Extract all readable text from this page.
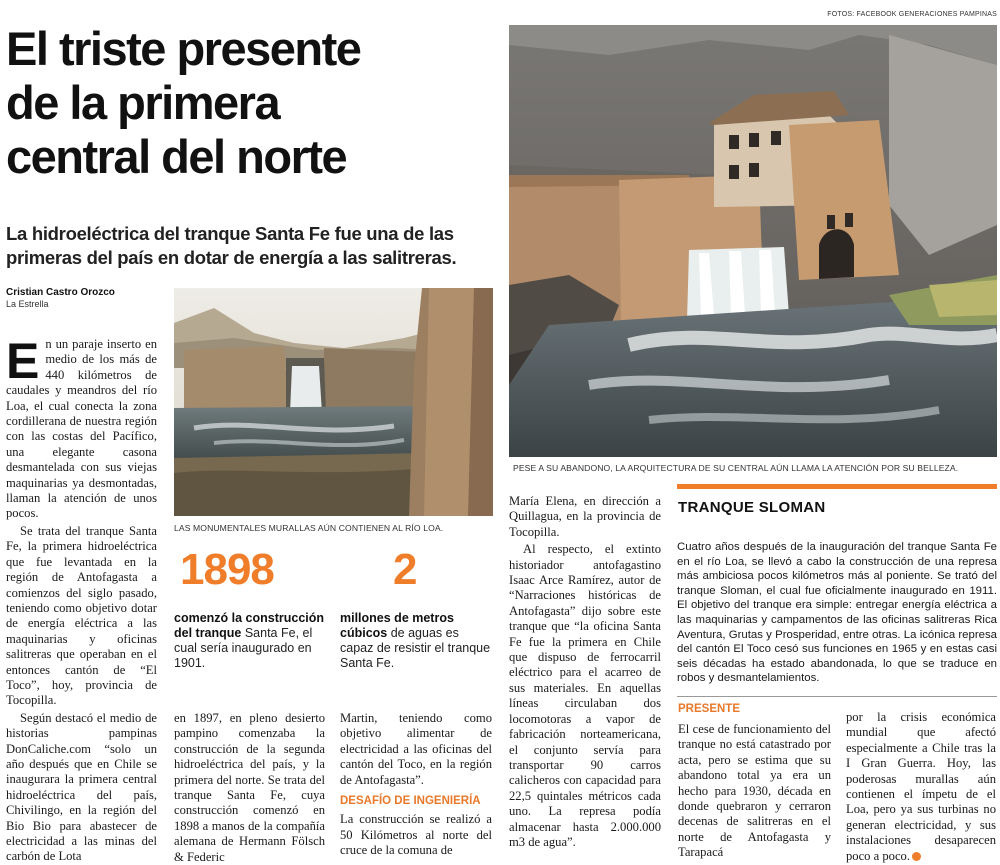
FOTOS: FACEBOOK GENERACIONES PAMPINAS
El triste presente
de la primera
central del norte
La hidroeléctrica del tranque Santa Fe fue una de las primeras del país en dotar de energía a las salitreras.
Cristian Castro Orozco
La Estrella

En un paraje inserto en medio de los más de 440 kilómetros de caudales y meandros del río Loa, el cual conecta la zona cordillerana de nuestra región con las costas del Pacífico, una elegante casona desmantelada con sus viejas maquinarias ya desmontadas, llaman la atención de unos pocos.

Se trata del tranque Santa Fe, la primera hidroeléctrica que fue levantada en la región de Antofagasta a comienzos del siglo pasado, teniendo como objetivo dotar de energía eléctrica a las maquinarias y oficinas salitreras que operaban en el entonces cantón de “El Toco”, hoy, provincia de Tocopilla.

Según destacó el medio de historias pampinas DonCaliche.com “solo un año después que en Chile se inaugurara la primera central hidroeléctrica del país, Chivilingo, en la región del Bio Bio para abastecer de electricidad a las minas del carbón de Lota

LAS MONUMENTALES MURALLAS AÚN CONTIENEN AL RÍO LOA.
1898	2
comenzó la construcción del tranque Santa Fe, el cual sería inaugurado en 1901.
millones de metros cúbicos de aguas es capaz de resistir el tranque Santa Fe.

en 1897, en pleno desierto pampino comenzaba la construcción de la segunda hidroeléctrica del país, y la primera del norte. Se trata del tranque Santa Fe, cuya construcción comenzó en 1898 a manos de la compañía alemana de Hermann Fölsch & Federic

Martin, teniendo como objetivo alimentar de electricidad a las oficinas del cantón del Toco, en la región de Antofagasta”.

DESAFÍO DE INGENIERÍA

La construcción se realizó a 50 Kilómetros al norte del cruce de la comuna de

PESE A SU ABANDONO, LA ARQUITECTURA DE SU CENTRAL AÚN LLAMA LA ATENCIÓN POR SU BELLEZA.

María Elena, en dirección a Quillagua, en la provincia de Tocopilla.

Al respecto, el extinto historiador antofagastino Isaac Arce Ramírez, autor de “Narraciones históricas de Antofagasta” dijo sobre este tranque que “la oficina Santa Fe fue la primera en Chile que dispuso de ferrocarril eléctrico para el acarreo de sus materiales. En aquellas líneas circulaban dos locomotoras a vapor de fabricación norteamericana, el conjunto servía para transportar 90 carros calicheros con capacidad para 22,5 quintales métricos cada uno. La represa podía almacenar hasta 2.000.000 m3 de agua”.

TRANQUE SLOMAN
Cuatro años después de la inauguración del tranque Santa Fe en el río Loa, se llevó a cabo la construcción de una represa más ambiciosa pocos kilómetros más al poniente. Se trató del tranque Sloman, el cual fue oficialmente inaugurado en 1911. El objetivo del tranque era simple: entregar energía eléctrica a las maquinarias y campamentos de las oficinas salitreras Rica Aventura, Grutas y Prosperidad, entre otras. La icónica represa del cantón El Toco cesó sus funciones en 1965 y en estas casi seis décadas ha estado abandonada, lo que se traduce en robos y desmantelamientos.
PRESENTE

El cese de funcionamiento del tranque no está catastrado por acta, pero se estima que su abandono total ya era un hecho para 1930, década en donde quebraron y cerraron decenas de salitreras en el norte de Antofagasta y Tarapacá

por la crisis económica mundial que afectó especialmente a Chile tras la I Gran Guerra. Hoy, las poderosas murallas aún contienen el ímpetu de el Loa, pero ya sus turbinas no generan electricidad, y sus instalaciones desaparecen poco a poco.
